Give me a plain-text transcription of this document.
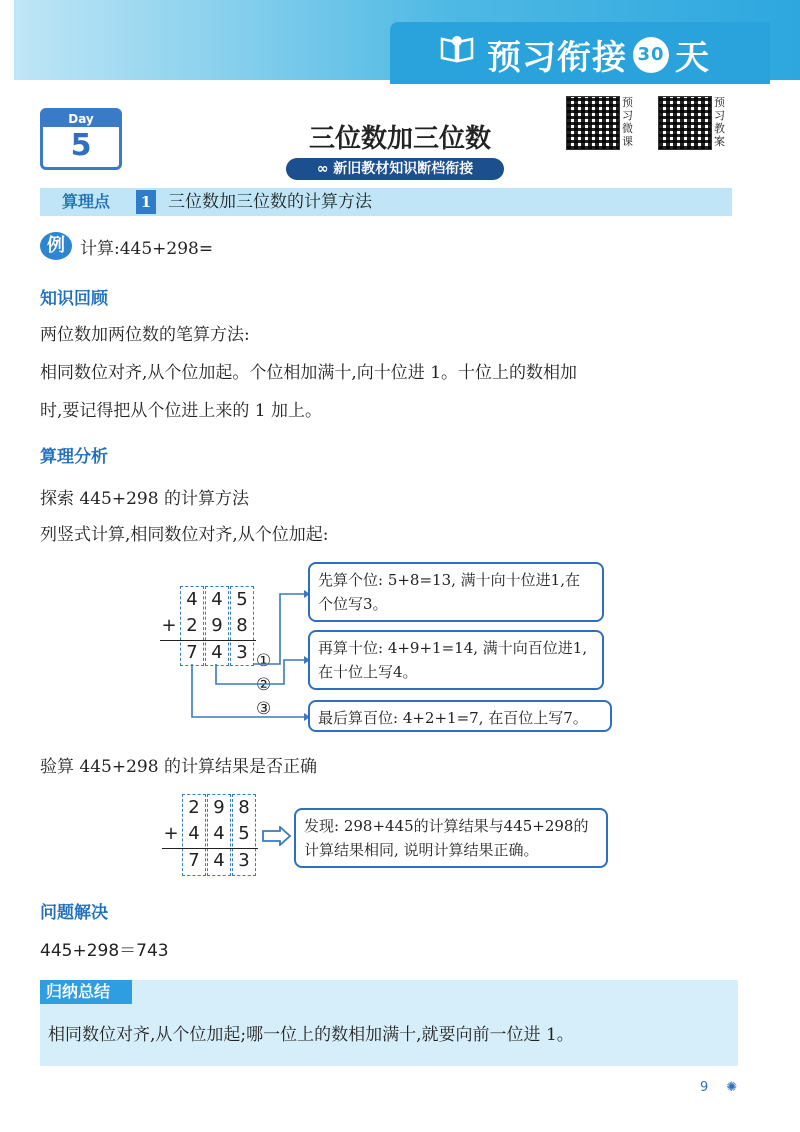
预习衔接 30 天
Day
5	三位数加三位数
∞ 新旧教材知识断档衔接
预习微课
预习教案
算理点	1 三位数加三位数的计算方法
例 计算:445+298=
知识回顾
两位数加两位数的笔算方法:
相同数位对齐,从个位加起。个位相加满十,向十位进 1。十位上的数相加
时,要记得把从个位进上来的 1 加上。
算理分析
探索 445+298 的计算方法
列竖式计算,相同数位对齐,从个位加起:
4 4 5
+ 2 9 8
7 4 3 ①
②
③
先算个位: 5+8=13, 满十向十位进1,在个位写3。
再算十位: 4+9+1=14, 满十向百位进1, 在十位上写4。
最后算百位: 4+2+1=7, 在百位上写7。
验算 445+298 的计算结果是否正确
2 9 8
+ 4 4 5
7 4 3
发现: 298+445的计算结果与445+298的计算结果相同, 说明计算结果正确。
问题解决
445+298＝743
归纳总结
相同数位对齐,从个位加起;哪一位上的数相加满十,就要向前一位进 1。
9 ✺
